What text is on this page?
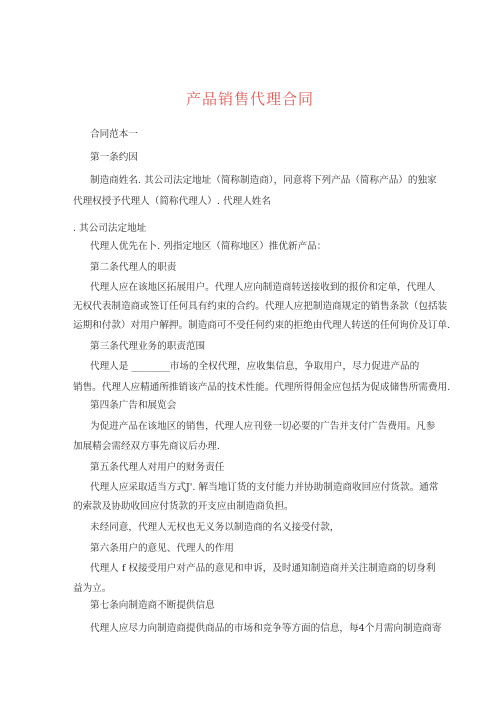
产品销售代理合同
合同范本一
第一条约因
制造商姓名. 其公司法定地址（简称制造商），同意将下列产品（简称产品）的独家
代理权授予代理人（简称代理人）. 代理人姓名
. 其公司法定地址
代理人优先在卜. 列指定地区（简称地区）推优新产品：
第二条代理人的职责
代理人应在该地区拓展用户。代理人应向制造商转送接收到的报价和定单，代理人
无权代表制造商或签订任何具有约束的合约。代理人应把制造商规定的销售条款（包括装
运期和付款）对用户解押。制造商可不受任何约束的拒绝由代理人转送的任何询价及订单.
第三条代理业务的职责范围
代理人是 ________市场的全权代理，应收集信息，争取用户，尽力促进产品的
销售。代理人应精通所推销该产品的技术性能。代理所得佣金应包括为促成储售所需费用.
第四条广告和展览会
为促进产品在该地区的销售，代理人应刊登一切必要的广告并支付广告费用。凡参
加展精会需经双方事先商议后办理.
第五条代理人对用户的财务责任
代理人应采取适当方式J'. 解当地订货的支付能力并协助制造商收回应付货款。通常
的索款及协助收回应付货款的开支应由制造商负担。
未经同意，代理人无权也无义务以制造商的名义接受付款，
第六条用户的意见、代理人的作用
代理人 f 权接受用户对产品的意见和申诉，及时通知制造商并关注制造商的切身利
益为立。
第七条向制造商不断提供信息
代理人应尽力向制造商提供商品的市场和竞争等方面的信息，每4个月需向制造商寄
